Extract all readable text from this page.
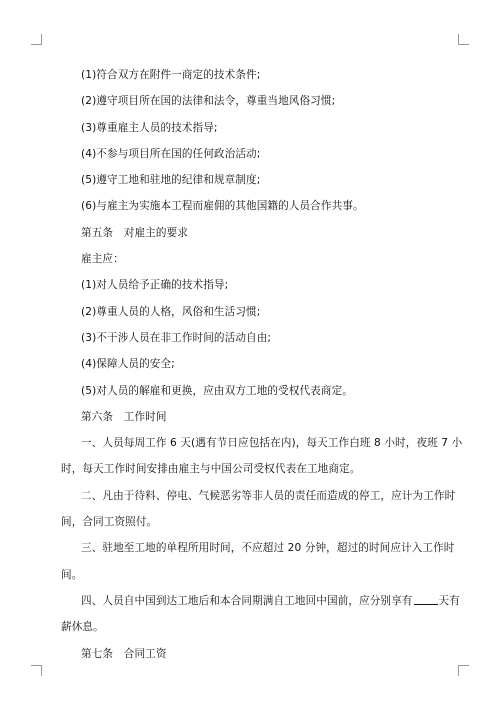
(1)符合双方在附件一商定的技术条件;
(2)遵守项目所在国的法律和法令，尊重当地风俗习惯;
(3)尊重雇主人员的技术指导;
(4)不参与项目所在国的任何政治活动;
(5)遵守工地和驻地的纪律和规章制度;
(6)与雇主为实施本工程而雇佣的其他国籍的人员合作共事。
第五条　对雇主的要求
雇主应：
(1)对人员给予正确的技术指导;
(2)尊重人员的人格，风俗和生活习惯;
(3)不干涉人员在非工作时间的活动自由;
(4)保障人员的安全;
(5)对人员的解雇和更换，应由双方工地的受权代表商定。
第六条　工作时间
一、人员每周工作 6 天(遇有节日应包括在内)，每天工作白班 8 小时，夜班 7 小
时，每天工作时间安排由雇主与中国公司受权代表在工地商定。
二、凡由于待料、停电、气候恶劣等非人员的责任而造成的停工，应计为工作时
间，合同工资照付。
三、驻地至工地的单程所用时间，不应超过 20 分钟，超过的时间应计入工作时
间。
四、人员自中国到达工地后和本合同期满自工地回中国前，应分别享有 天有
薪休息。
第七条　合同工资
